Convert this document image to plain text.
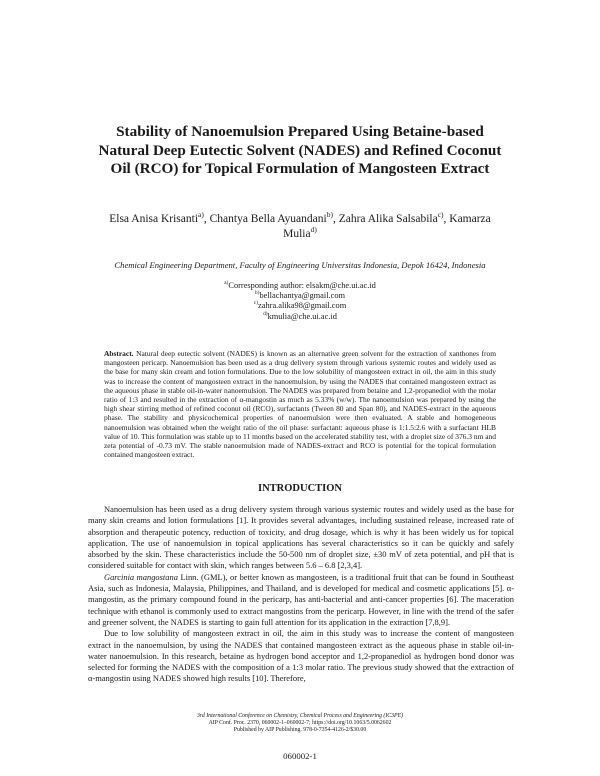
Stability of Nanoemulsion Prepared Using Betaine-based Natural Deep Eutectic Solvent (NADES) and Refined Coconut Oil (RCO) for Topical Formulation of Mangosteen Extract
Elsa Anisa Krisanti$^{a)}$, Chantya Bella Ayuandani$^{b)}$, Zahra Alika Salsabila$^{c)}$, Kamarza Mulia$^{d)}$
Chemical Engineering Department, Faculty of Engineering Universitas Indonesia, Depok 16424, Indonesia
$^{a)}$Corresponding author: elsakm@che.ui.ac.id
$^{b)}$bellachantya@gmail.com
$^{c)}$zahra.alika98@gmail.com
$^{d)}$kmulia@che.ui.ac.id
Abstract. Natural deep eutectic solvent (NADES) is known as an alternative green solvent for the extraction of xanthones from mangosteen pericarp. Nanoemulsion has been used as a drug delivery system through various systemic routes and widely used as the base for many skin cream and lotion formulations. Due to the low solubility of mangosteen extract in oil, the aim in this study was to increase the content of mangosteen extract in the nanoemulsion, by using the NADES that contained mangosteen extract as the aqueous phase in stable oil-in-water nanoemulsion. The NADES was prepared from betaine and 1,2-propanediol with the molar ratio of 1:3 and resulted in the extraction of α-mangostin as much as 5.33% (w/w). The nanoemulsion was prepared by using the high shear stirring method of refined coconut oil (RCO), surfactants (Tween 80 and Span 80), and NADES-extract in the aqueous phase. The stability and physicochemical properties of nanoemulsion were then evaluated. A stable and homogeneous nanoemulsion was obtained when the weight ratio of the oil phase: surfactant: aqueous phase is 1:1.5:2.6 with a surfactant HLB value of 10. This formulation was stable up to 11 months based on the accelerated stability test, with a droplet size of 376.3 nm and zeta potential of -0.73 mV. The stable nanoemulsion made of NADES-extract and RCO is potential for the topical formulation contained mangosteen extract.
INTRODUCTION

Nanoemulsion has been used as a drug delivery system through various systemic routes and widely used as the base for many skin creams and lotion formulations [1]. It provides several advantages, including sustained release, increased rate of absorption and therapeutic potency, reduction of toxicity, and drug dosage, which is why it has been widely us for topical application. The use of nanoemulsion in topical applications has several characteristics so it can be quickly and safely absorbed by the skin. These characteristics include the 50-500 nm of droplet size, ±30 mV of zeta potential, and pH that is considered suitable for contact with skin, which ranges between 5.6 – 6.8 [2,3,4].

Garcinia mangostana Linn. (GML), or better known as mangosteen, is a traditional fruit that can be found in Southeast Asia, such as Indonesia, Malaysia, Philippines, and Thailand, and is developed for medical and cosmetic applications [5]. α-mangostin, as the primary compound found in the pericarp, has anti-bacterial and anti-cancer properties [6]. The maceration technique with ethanol is commonly used to extract mangostins from the pericarp. However, in line with the trend of the safer and greener solvent, the NADES is starting to gain full attention for its application in the extraction [7,8,9].

Due to low solubility of mangosteen extract in oil, the aim in this study was to increase the content of mangosteen extract in the nanoemulsion, by using the NADES that contained mangosteen extract as the aqueous phase in stable oil-in-water nanoemulsion. In this research, betaine as hydrogen bond acceptor and 1,2-propanediol as hydrogen bond donor was selected for forming the NADES with the composition of a 1:3 molar ratio. The previous study showed that the extraction of α-mangostin using NADES showed high results [10]. Therefore,

3rd International Conference on Chemistry, Chemical Process and Engineering (IC3PE)
AIP Conf. Proc. 2370, 060002-1–060002-7; https://doi.org/10.1063/5.0062602
Published by AIP Publishing. 978-0-7354-4126-2/$30.00
060002-1
